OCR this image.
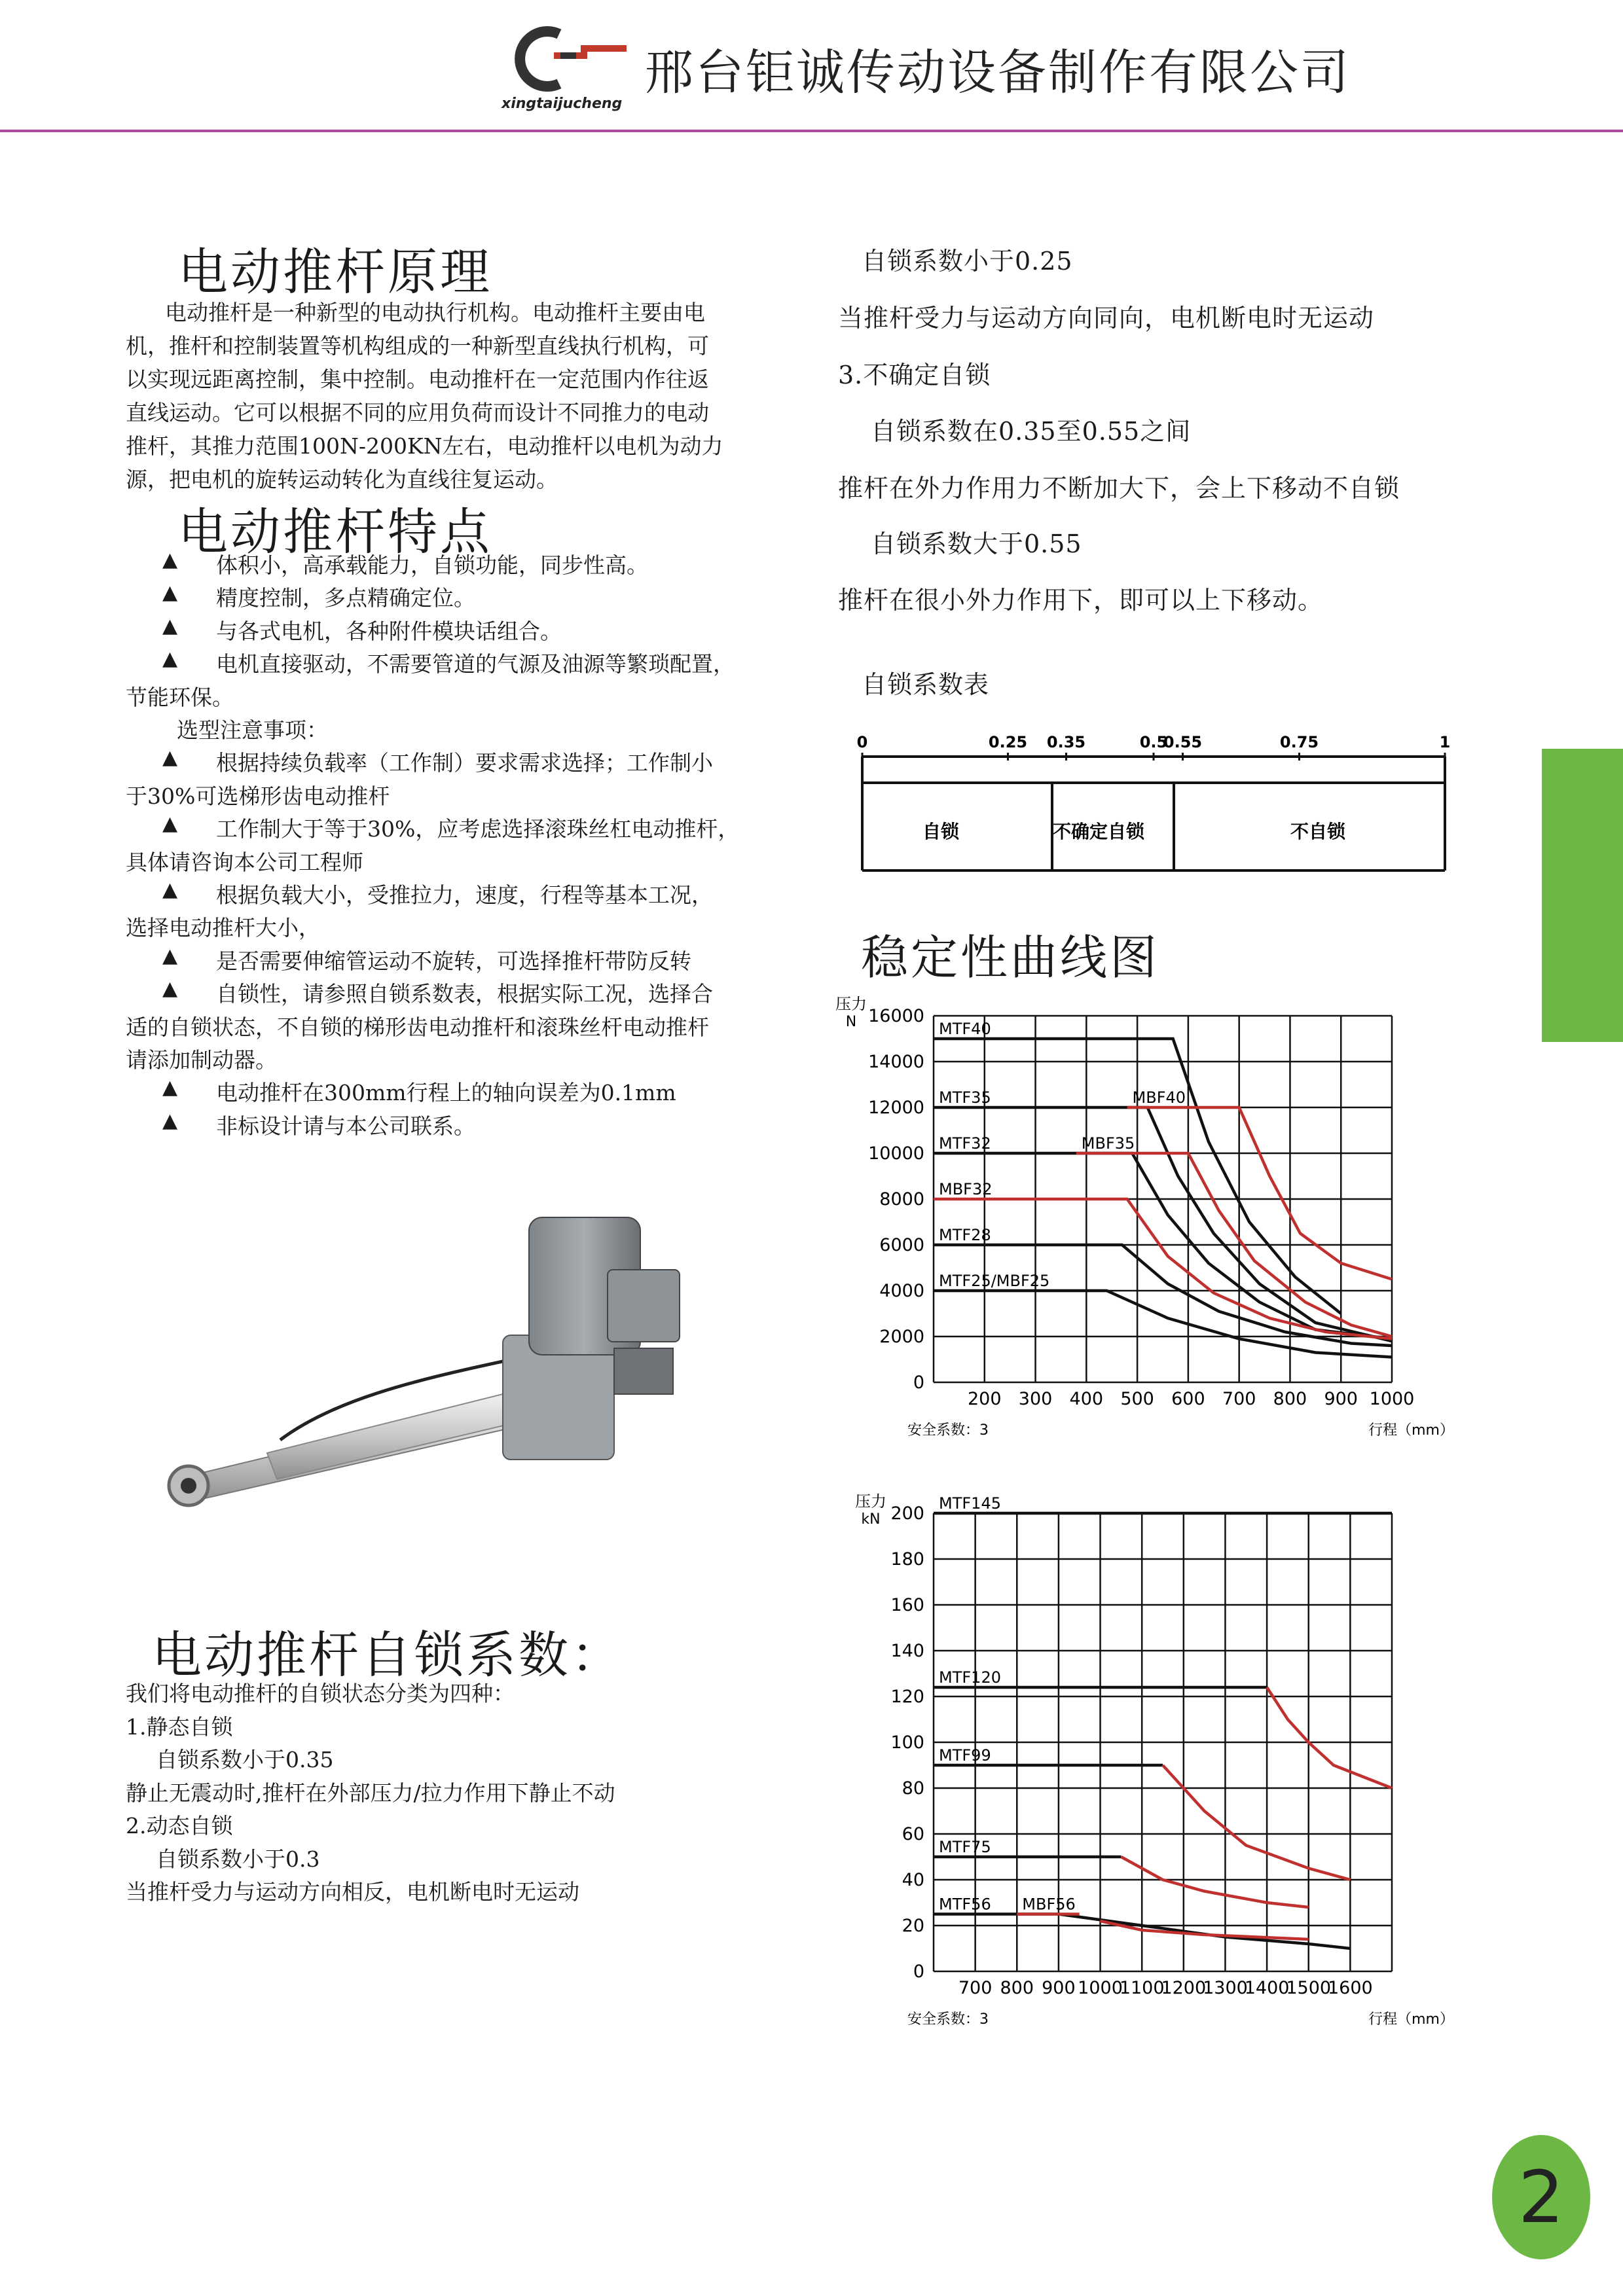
xingtaijucheng
邢台钜诚传动设备制作有限公司
电动推杆原理
电动推杆是一种新型的电动执行机构。电动推杆主要由电
机，推杆和控制装置等机构组成的一种新型直线执行机构，可
以实现远距离控制，集中控制。电动推杆在一定范围内作往返
直线运动。它可以根据不同的应用负荷而设计不同推力的电动
推杆，其推力范围100N-200KN左右，电动推杆以电机为动力
源，把电机的旋转运动转化为直线往复运动。
电动推杆特点
▲ 体积小，高承载能力，自锁功能，同步性高。
▲ 精度控制，多点精确定位。
▲ 与各式电机，各种附件模块话组合。
▲ 电机直接驱动，不需要管道的气源及油源等繁琐配置，
节能环保。
选型注意事项：
▲ 根据持续负载率（工作制）要求需求选择；工作制小
于30%可选梯形齿电动推杆
▲ 工作制大于等于30%，应考虑选择滚珠丝杠电动推杆，
具体请咨询本公司工程师
▲ 根据负载大小，受推拉力，速度，行程等基本工况，
选择电动推杆大小，
▲ 是否需要伸缩管运动不旋转，可选择推杆带防反转
▲ 自锁性，请参照自锁系数表，根据实际工况，选择合
适的自锁状态，不自锁的梯形齿电动推杆和滚珠丝杆电动推杆
请添加制动器。
▲ 电动推杆在300mm行程上的轴向误差为0.1mm
▲ 非标设计请与本公司联系。
电动推杆自锁系数：
我们将电动推杆的自锁状态分类为四种：
1.静态自锁
自锁系数小于0.35
静止无震动时,推杆在外部压力/拉力作用下静止不动
2.动态自锁
自锁系数小于0.3
当推杆受力与运动方向相反，电机断电时无运动
自锁系数小于0.25
当推杆受力与运动方向同向，电机断电时无运动
3.不确定自锁
自锁系数在0.35至0.55之间
推杆在外力作用力不断加大下，会上下移动不自锁
自锁系数大于0.55
推杆在很小外力作用下，即可以上下移动。
自锁系数表
0	0.25 0.35	0.5
0.55	0.75	1
自锁	不确定自锁	不自锁
稳定性曲线图
0
2000
4000
6000
8000
10000
12000
14000
16000
200 300 400 500 600 700 800 900 1000
压力
N
安全系数：3	行程（mm）
MTF40
MTF35
MTF32
MTF28
MTF25/MBF25
MBF40
MBF35
MBF32
0
20
40
60
80
100
120
140
160
180
200
700 800 900 1000
1100
1200
1300
1400
1500
1600
压力
kN
安全系数：3	行程（mm）
MTF145
MTF120
MTF99
MTF75
MTF56 MBF56
2
